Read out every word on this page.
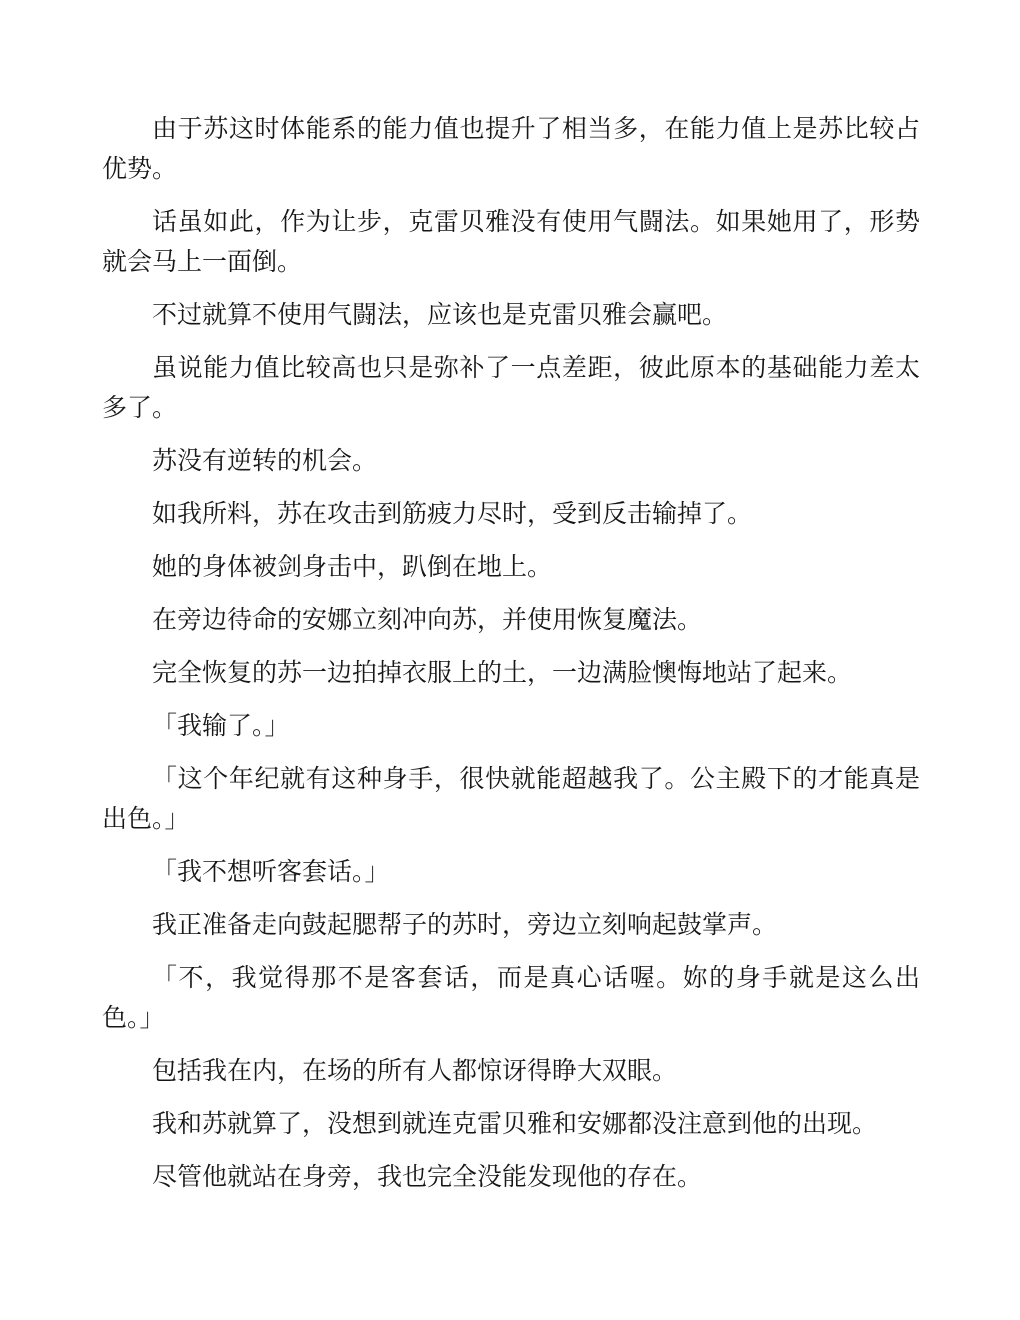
由于苏这时体能系的能力值也提升了相当多，在能力值上是苏比较占优势。

话虽如此，作为让步，克雷贝雅没有使用气闘法。如果她用了，形势就会马上一面倒。

不过就算不使用气闘法，应该也是克雷贝雅会赢吧。

虽说能力值比较高也只是弥补了一点差距，彼此原本的基础能力差太多了。

苏没有逆转的机会。

如我所料，苏在攻击到筋疲力尽时，受到反击输掉了。

她的身体被剑身击中，趴倒在地上。

在旁边待命的安娜立刻冲向苏，并使用恢复魔法。

完全恢复的苏一边拍掉衣服上的土，一边满脸懊悔地站了起来。

「我输了。」

「这个年纪就有这种身手，很快就能超越我了。公主殿下的才能真是出色。」

「我不想听客套话。」

我正准备走向鼓起腮帮子的苏时，旁边立刻响起鼓掌声。

「不，我觉得那不是客套话，而是真心话喔。妳的身手就是这么出色。」

包括我在内，在场的所有人都惊讶得睁大双眼。

我和苏就算了，没想到就连克雷贝雅和安娜都没注意到他的出现。

尽管他就站在身旁，我也完全没能发现他的存在。
